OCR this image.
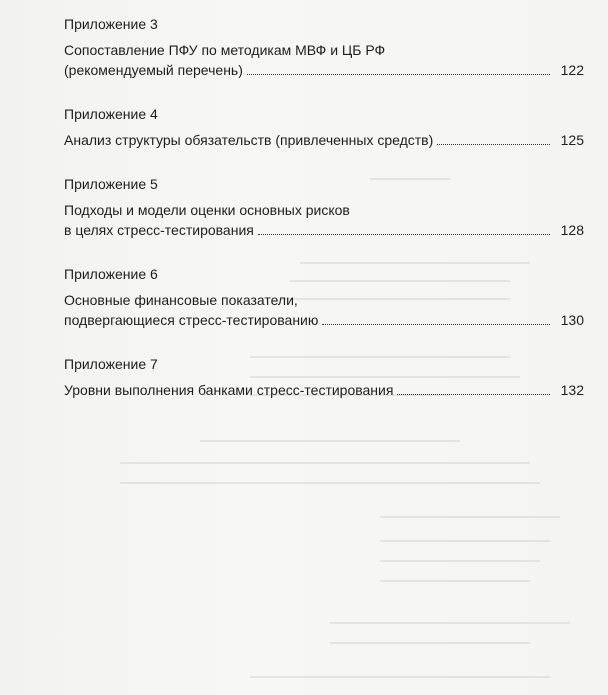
Приложение 3
Сопоставление ПФУ по методикам МВФ и ЦБ РФ
(рекомендуемый перечень)	122
Приложение 4
Анализ структуры обязательств (привлеченных средств)	125
Приложение 5
Подходы и модели оценки основных рисков
в целях стресс-тестирования	128
Приложение 6
Основные финансовые показатели,
подвергающиеся стресс-тестированию	130
Приложение 7
Уровни выполнения банками стресс-тестирования	132
